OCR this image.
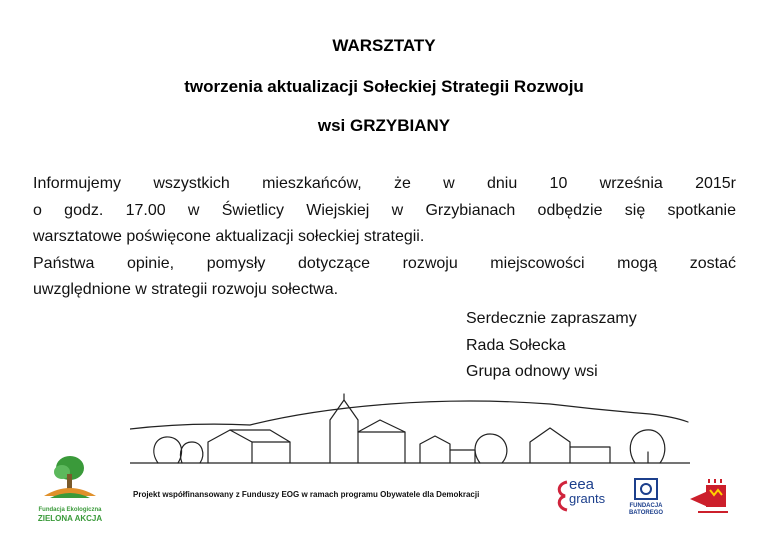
WARSZTATY
tworzenia aktualizacji Sołeckiej Strategii Rozwoju
wsi GRZYBIANY

Informujemy wszystkich mieszkańców, że w dniu 10 września 2015r

o godz. 17.00 w Świetlicy Wiejskiej w Grzybianach odbędzie się spotkanie

warsztatowe poświęcone aktualizacji sołeckiej strategii.

Państwa opinie, pomysły dotyczące rozwoju miejscowości mogą zostać

uwzględnione w strategii rozwoju sołectwa.

Serdecznie zapraszamy
Rada Sołecka
Grupa odnowy wsi
Fundacja Ekologiczna
ZIELONA AKCJA
Projekt współfinansowany z Funduszy EOG w ramach programu Obywatele dla Demokracji
eea
grants	FUNDACJA
BATOREGO
